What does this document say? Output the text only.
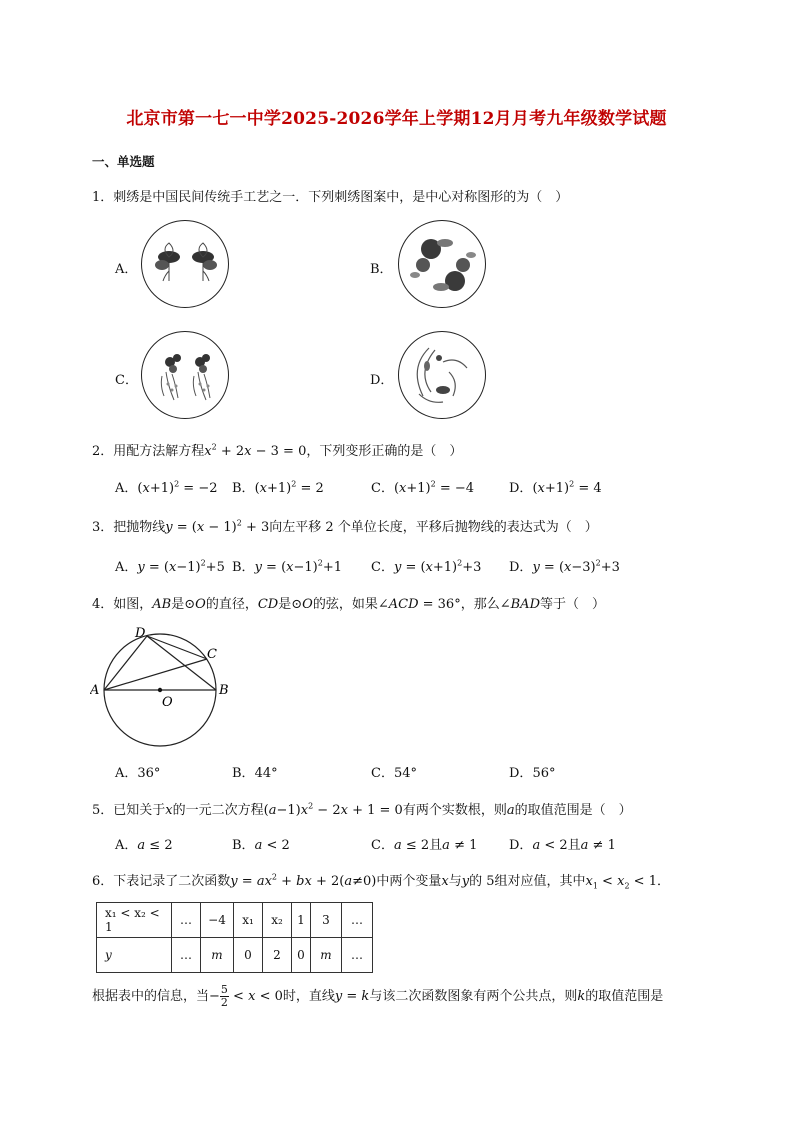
北京市第一七一中学2025-2026学年上学期12月月考九年级数学试题
一、单选题
1．刺绣是中国民间传统手工艺之一．下列刺绣图案中，是中心对称图形的为（　）
A．	B．
C．	D．
2．用配方法解方程$x^2 + 2x - 3 = 0$，下列变形正确的是（　）
A．$(x+1)^2 = -2$ B．$(x+1)^2 = 2$	C．$(x+1)^2 = -4$	D．$(x+1)^2 = 4$
3．把抛物线$y = (x - 1)^2 + 3$向左平移 2 个单位长度，平移后抛物线的表达式为（　）
A．$y = (x-1)^2+5$ B．$y = (x-1)^2+1$ C．$y = (x+1)^2+3$ D．$y = (x-3)^2+3$
4．如图，AB是⊙O的直径，CD是⊙O的弦，如果∠ACD = 36°，那么∠BAD等于（　）
A	B
C
D
O
A．36°	B．44°	C．54°	D．56°
5．已知关于x的一元二次方程$(a-1)x^2 - 2x + 1 = 0$有两个实数根，则a的取值范围是（　）
A．a ≤ 2	B．a < 2	C．a ≤ 2且a ≠ 1 D．a < 2且a ≠ 1
6．下表记录了二次函数$y = ax^2$ + bx + 2(a≠0)中两个变量x与y的 5组对应值，其中$x_1 < x_2 < 1$．
x₁ < x₂ < 1	…	−4	x₁	x₂	1	3	…
y	…	m	0	2	0	m	…
根据表中的信息，当− $\frac{5}{2} < x < 0$时，直线y = k与该二次函数图象有两个公共点，则k的取值范围是
